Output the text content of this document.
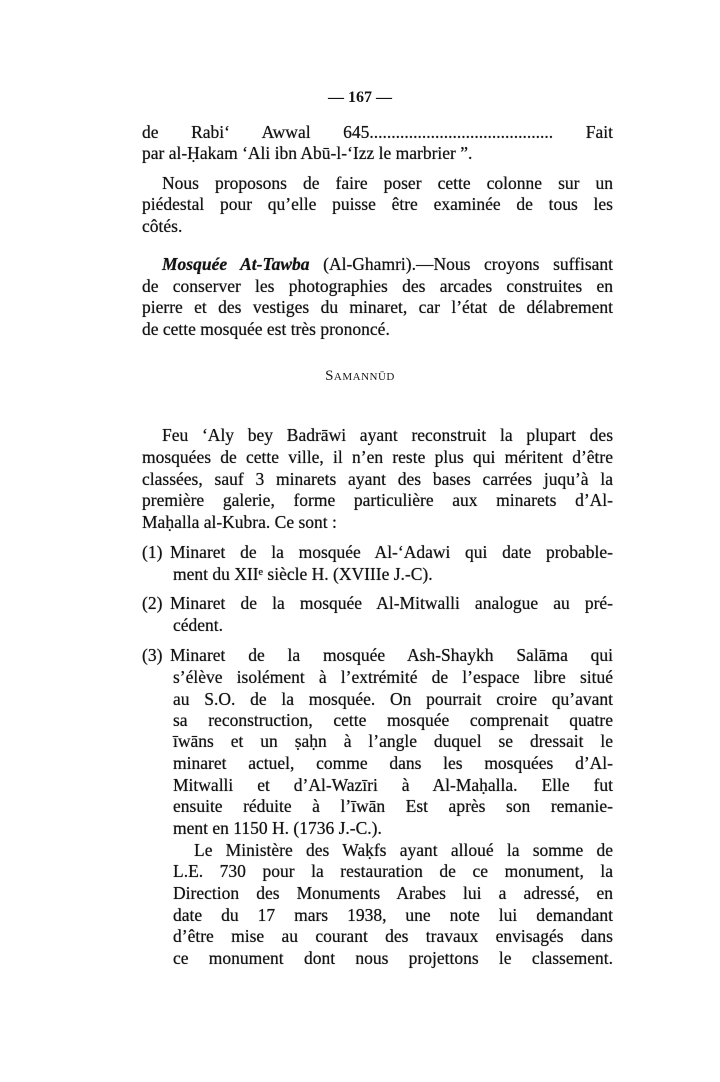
— 167 —
de Rabi‘ Awwal 645.......................................... Fait
par al-Ḥakam ‘Ali ibn Abū-l-‘Izz le marbrier ”.
Nous proposons de faire poser cette colonne sur un
piédestal pour qu’elle puisse être examinée de tous les
côtés.
Mosquée At-Tawba (Al-Ghamri).—Nous croyons suffisant
de conserver les photographies des arcades construites en
pierre et des vestiges du minaret, car l’état de délabrement
de cette mosquée est très prononcé.
Samannūd
Feu ‘Aly bey Badrāwi ayant reconstruit la plupart des
mosquées de cette ville, il n’en reste plus qui méritent d’être
classées, sauf 3 minarets ayant des bases carrées juqu’à la
première galerie, forme particulière aux minarets d’Al-
Maḥalla al-Kubra. Ce sont :
(1) Minaret de la mosquée Al-‘Adawi qui date probable-
ment du XIIᵉ siècle H. (XVIIIe J.-C).
(2) Minaret de la mosquée Al-Mitwalli analogue au pré-
cédent.
(3) Minaret de la mosquée Ash-Shaykh Salāma qui
s’élève isolément à l’extrémité de l’espace libre situé
au S.O. de la mosquée. On pourrait croire qu’avant
sa reconstruction, cette mosquée comprenait quatre
īwāns et un ṣaḥn à l’angle duquel se dressait le
minaret actuel, comme dans les mosquées d’Al-
Mitwalli et d’Al-Wazīri à Al-Maḥalla. Elle fut
ensuite réduite à l’īwān Est après son remanie-
ment en 1150 H. (1736 J.-C.).
Le Ministère des Waḳfs ayant alloué la somme de
L.E. 730 pour la restauration de ce monument, la
Direction des Monuments Arabes lui a adressé, en
date du 17 mars 1938, une note lui demandant
d’être mise au courant des travaux envisagés dans
ce monument dont nous projettons le classement.
